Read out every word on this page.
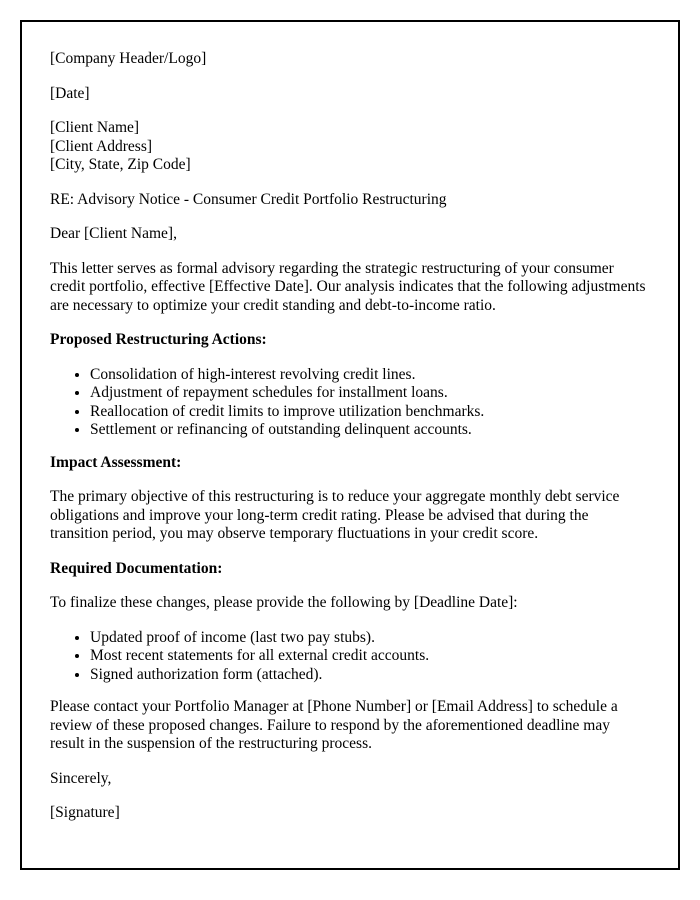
[Company Header/Logo]

[Date]

[Client Name]
[Client Address]
[City, State, Zip Code]

RE: Advisory Notice - Consumer Credit Portfolio Restructuring

Dear [Client Name],

This letter serves as formal advisory regarding the strategic restructuring of your consumer credit portfolio, effective [Effective Date]. Our analysis indicates that the following adjustments are necessary to optimize your credit standing and debt-to-income ratio.

Proposed Restructuring Actions:

• Consolidation of high-interest revolving credit lines.
• Adjustment of repayment schedules for installment loans.
• Reallocation of credit limits to improve utilization benchmarks.
• Settlement or refinancing of outstanding delinquent accounts.

Impact Assessment:

The primary objective of this restructuring is to reduce your aggregate monthly debt service obligations and improve your long-term credit rating. Please be advised that during the transition period, you may observe temporary fluctuations in your credit score.

Required Documentation:

To finalize these changes, please provide the following by [Deadline Date]:

• Updated proof of income (last two pay stubs).
• Most recent statements for all external credit accounts.
• Signed authorization form (attached).

Please contact your Portfolio Manager at [Phone Number] or [Email Address] to schedule a review of these proposed changes. Failure to respond by the aforementioned deadline may result in the suspension of the restructuring process.

Sincerely,

[Signature]
